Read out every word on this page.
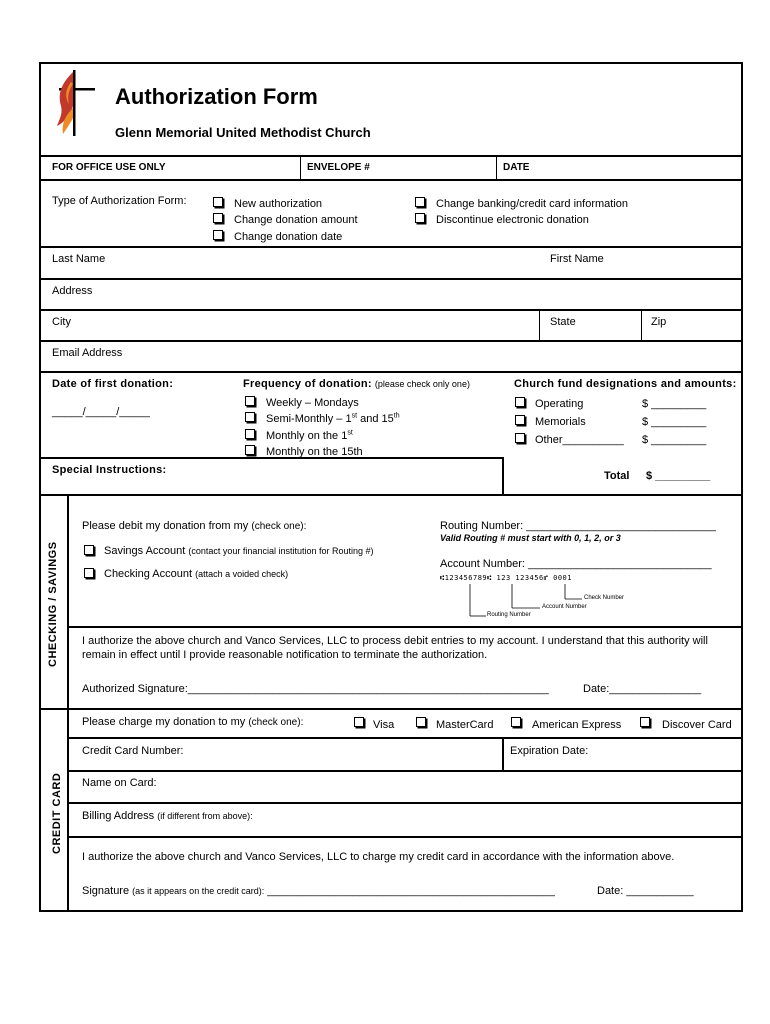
Authorization Form
Glenn Memorial United Methodist Church
FOR OFFICE USE ONLY	ENVELOPE #	DATE
Type of Authorization Form:	New authorization
Change donation amount
Change donation date
Change banking/credit card information
Discontinue electronic donation
Last Name	First Name
Address
City	State	Zip
Email Address
Date of first donation:
_____/_____/_____
Frequency of donation: (please check only one)
Weekly – Mondays
Semi-Monthly – 1st and 15th
Monthly on the 1st
Monthly on the 15th
Church fund designations and amounts:
Operating	$ _________
Memorials	$ _________
Other__________ $ _________
Special Instructions:	Total $ _________
CHECKING / SAVINGS
Please debit my donation from my (check one):
Savings Account (contact your financial institution for Routing #)
Checking Account (attach a voided check)
Routing Number: _______________________________
Valid Routing # must start with 0, 1, 2, or 3
Account Number: ______________________________
⑆123456789⑆ 123 123456⑈ 0001
Check Number
Account Number
Routing Number
I authorize the above church and Vanco Services, LLC to process debit entries to my account. I understand that this authority will
remain in effect until I provide reasonable notification to terminate the authorization.
Authorized Signature:___________________________________________________________	Date:_______________
CREDIT CARD
Please charge my donation to my (check one):	Visa	MasterCard	American Express	Discover Card
Credit Card Number:	Expiration Date:
Name on Card:
Billing Address (if different from above):
I authorize the above church and Vanco Services, LLC to charge my credit card in accordance with the information above.
Signature (as it appears on the credit card): _______________________________________________	Date: ___________
